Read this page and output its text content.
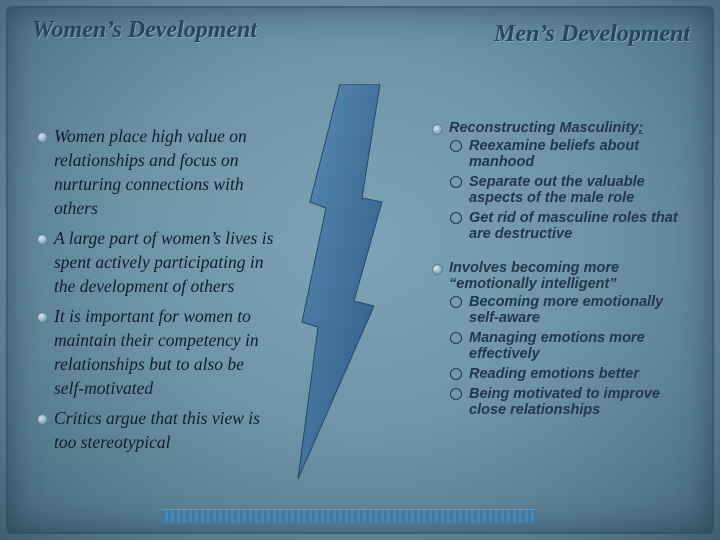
Women’s Development	Men’s Development
Women place high value on relationships and focus on nurturing connections with others
A large part of women’s lives is spent actively participating in the development of others
It is important for women to maintain their competency in relationships but to also be self-motivated
Critics argue that this view is too stereotypical
Reconstructing Masculinity:
Reexamine beliefs about manhood
Separate out the valuable aspects of the male role
Get rid of masculine roles that are destructive
Involves becoming more “emotionally intelligent”
Becoming more emotionally self-aware
Managing emotions more effectively
Reading emotions better
Being motivated to improve close relationships
